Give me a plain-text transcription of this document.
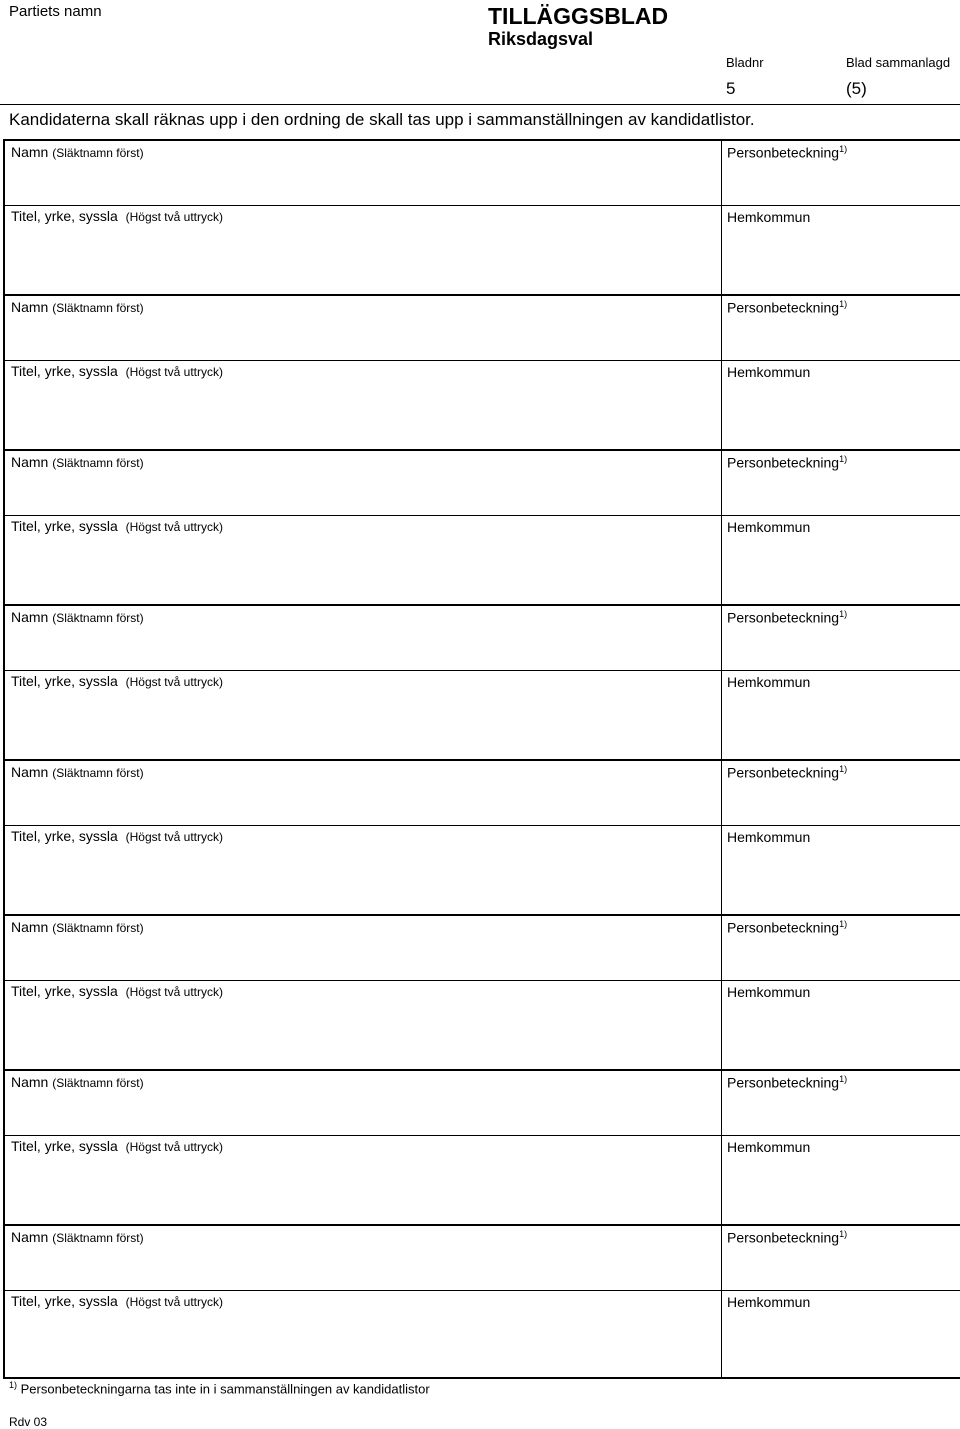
Partiets namn	TILLÄGGSBLAD
Riksdagsval
Bladnr
5
Blad sammanlagd
(5)
Kandidaterna skall räknas upp i den ordning de skall tas upp i sammanställningen av kandidatlistor.
Namn (Släktnamn först)	Personbeteckning$^{1)}$
Titel, yrke, syssla (Högst två uttryck)	Hemkommun
Namn (Släktnamn först)	Personbeteckning$^{1)}$
Titel, yrke, syssla (Högst två uttryck)	Hemkommun
Namn (Släktnamn först)	Personbeteckning$^{1)}$
Titel, yrke, syssla (Högst två uttryck)	Hemkommun
Namn (Släktnamn först)	Personbeteckning$^{1)}$
Titel, yrke, syssla (Högst två uttryck)	Hemkommun
Namn (Släktnamn först)	Personbeteckning$^{1)}$
Titel, yrke, syssla (Högst två uttryck)	Hemkommun
Namn (Släktnamn först)	Personbeteckning$^{1)}$
Titel, yrke, syssla (Högst två uttryck)	Hemkommun
Namn (Släktnamn först)	Personbeteckning$^{1)}$
Titel, yrke, syssla (Högst två uttryck)	Hemkommun
Namn (Släktnamn först)	Personbeteckning$^{1)}$
Titel, yrke, syssla (Högst två uttryck)	Hemkommun
$^{1)}$ Personbeteckningarna tas inte in i sammanställningen av kandidatlistor
Rdv 03
